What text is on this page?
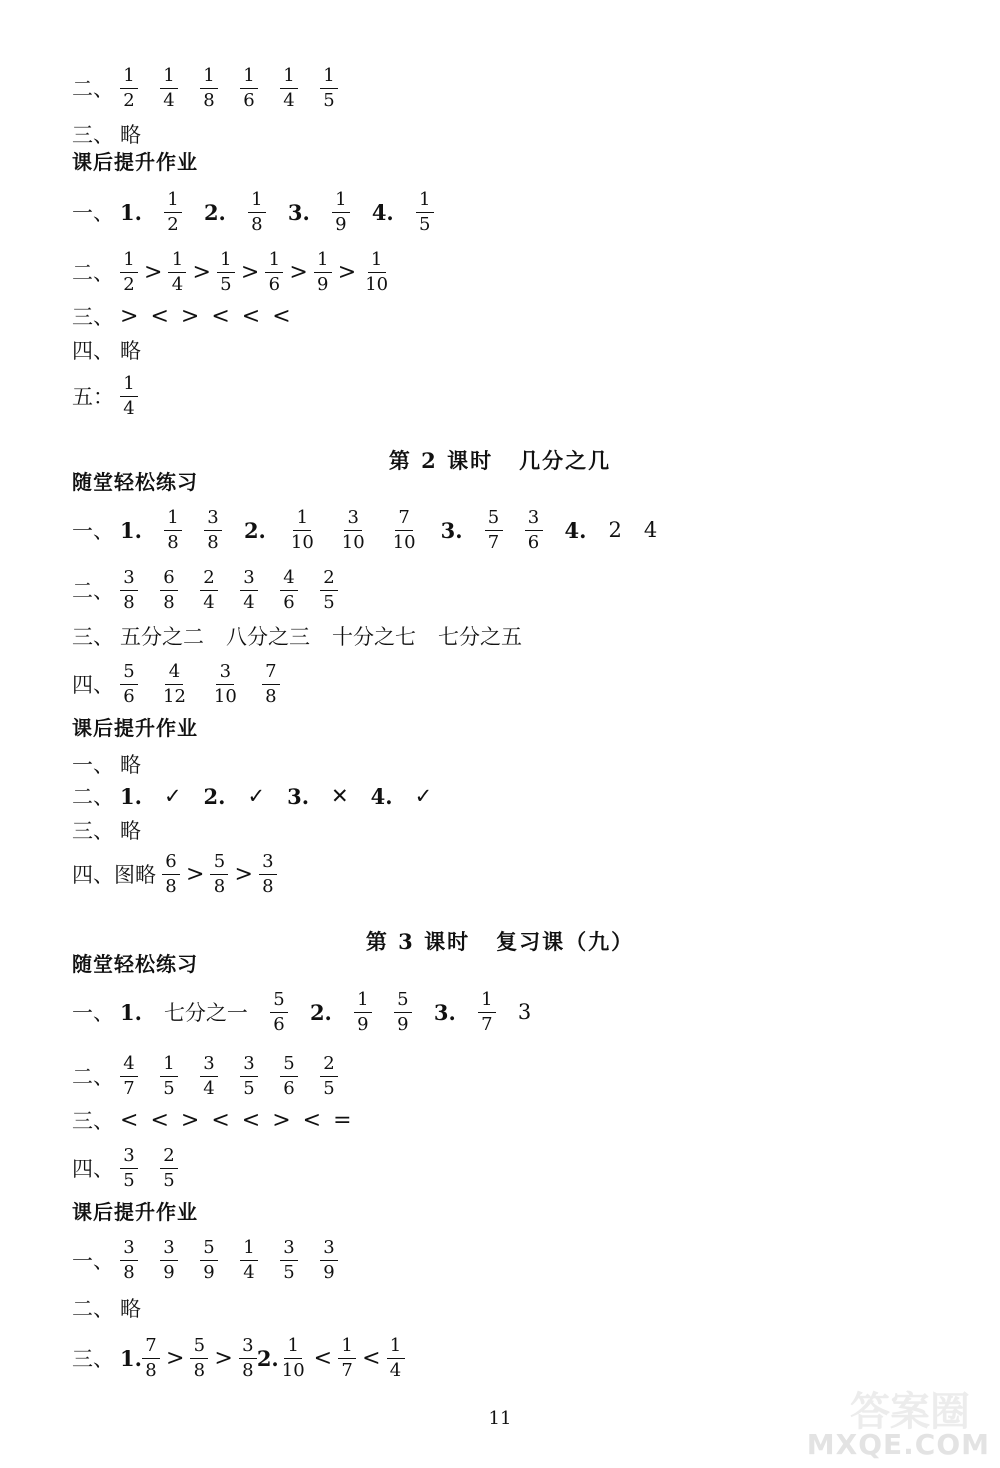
二、 $\frac{1}{2} \frac{1}{4} \frac{1}{8} \frac{1}{6} \frac{1}{4} \frac{1}{5}$
三、 略
课后提升作业
一、 1. $\frac{1}{2} 2$. $\frac{1}{8} 3$. $\frac{1}{9} 4$. $\frac{1}{5}$
二、 $\frac{1}{2} > \frac{1}{4} > \frac{1}{5} > \frac{1}{6} > \frac{1}{9} > \frac{1}{10}$
三、 > < > < < <
四、 略
五： $\frac{1}{4}$
第 2 课时 几分之几
随堂轻松练习
一、 1. $\frac{1}{8} \frac{3}{8} 2$. $\frac{1}{10} \frac{3}{10} \frac{7}{10} 3$. $\frac{5}{7} \frac{3}{6} 4$. 2 4
二、 $\frac{3}{8} \frac{6}{8} \frac{2}{4} \frac{3}{4} \frac{4}{6} \frac{2}{5}$
三、 五分之二 八分之三 十分之七 七分之五
四、 $\frac{5}{6} \frac{4}{12} \frac{3}{10} \frac{7}{8}$
课后提升作业
一、 略
二、 1. ✓ 2. ✓ 3. ✕ 4. ✓
三、 略
四、图略 $\frac{6}{8} > \frac{5}{8} > \frac{3}{8}$
第 3 课时 复习课（九）
随堂轻松练习
一、 1. 七分之一 $\frac{5}{6} 2$. $\frac{1}{9} \frac{5}{9} 3$. $\frac{1}{7} 3$
二、 $\frac{4}{7} \frac{1}{5} \frac{3}{4} \frac{3}{5} \frac{5}{6} \frac{2}{5}$
三、 < < > < < > < =
四、 $\frac{3}{5} \frac{2}{5}$
课后提升作业
一、 $\frac{3}{8} \frac{3}{9} \frac{5}{9} \frac{1}{4} \frac{3}{5} \frac{3}{9}$
二、 略
三、 1. $\frac{7}{8} > \frac{5}{8} > \frac{3}{8} 2$. $\frac{1}{10} < \frac{1}{7} < \frac{1}{4}$
11	答案圈
MXQE.COM
